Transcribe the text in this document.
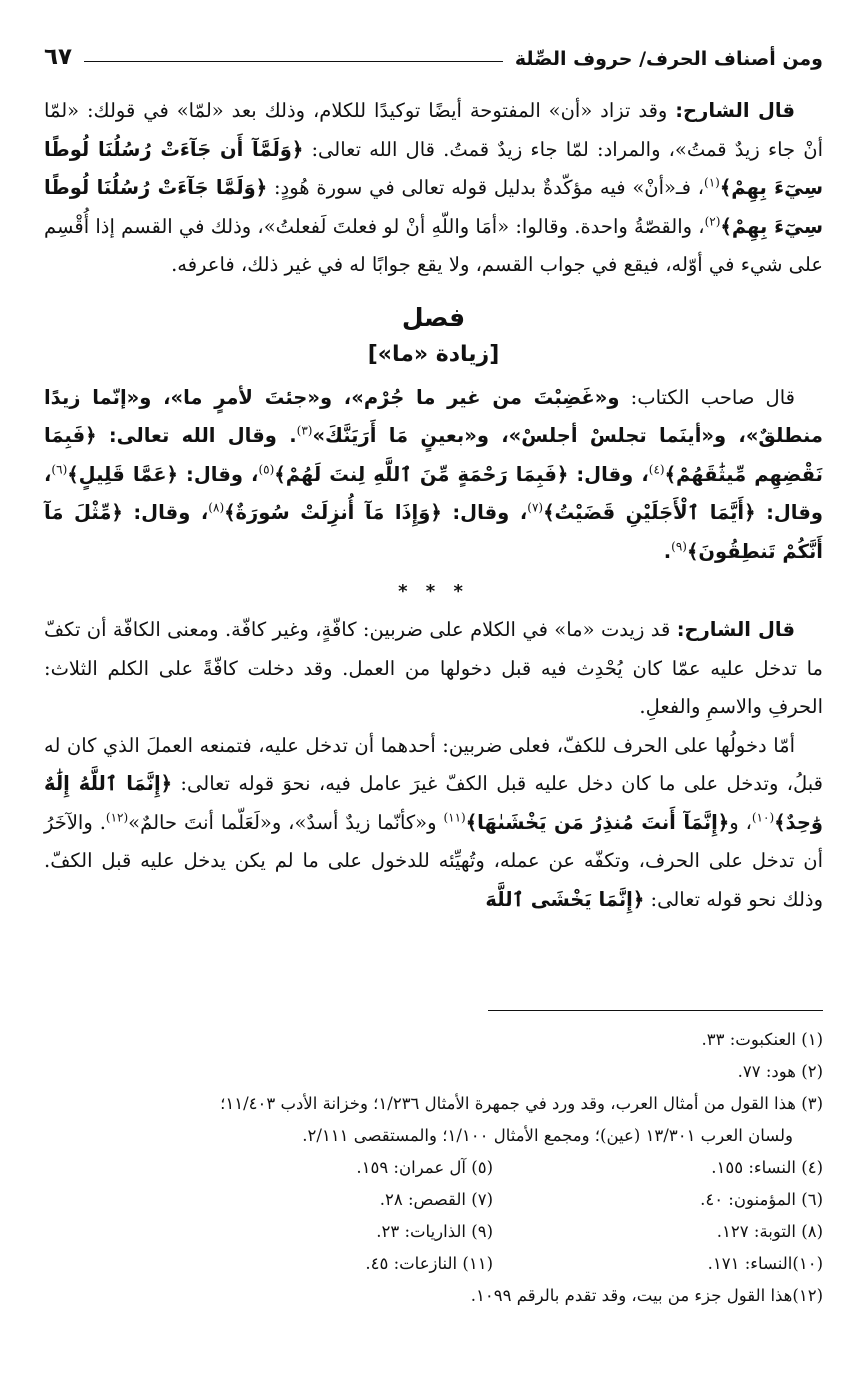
ومن أصناف الحرف/ حروف الصِّلة
٦٧

قال الشارح: وقد تزاد «أن» المفتوحة أيضًا توكيدًا للكلام، وذلك بعد «لمّا» في قولك: «لمّا أنْ جاء زيدٌ قمتُ»، والمراد: لمّا جاء زيدٌ قمتُ. قال الله تعالى: ﴿وَلَمَّآ أَن جَآءَتْ رُسُلُنَا لُوطًا سِيٓءَ بِهِمْ﴾$^{(١)}$، فـ«أنْ» فيه مؤكّدةٌ بدليل قوله تعالى في سورة هُودٍ: ﴿وَلَمَّا جَآءَتْ رُسُلُنَا لُوطًا سِيٓءَ بِهِمْ﴾$^{(٢)}$، والقصّةُ واحدة. وقالوا: «أمَا واللّهِ أنْ لو فعلتَ لَفعلتُ»، وذلك في القسم إذا أُقْسِم على شيء في أوّله، فيقع في جواب القسم، ولا يقع جوابًا له في غير ذلك، فاعرفه.

فصل
[زيادة «ما»]

قال صاحب الكتاب: و«غَضِبْتَ من غير ما جُرْم»، و«جئتَ لأمرٍ ما»، و«إنّما زيدًا منطلقٌ»، و«أينَما تجلسْ أجلسْ»، و«بعينٍ مَا أَرَيَنَّكَ»$^{(٣)}$. وقال الله تعالى: ﴿فَبِمَا نَقْضِهِم مِّيثَٰقَهُمْ﴾$^{(٤)}$، وقال: ﴿فَبِمَا رَحْمَةٍ مِّنَ ٱللَّهِ لِنتَ لَهُمْ﴾$^{(٥)}$، وقال: ﴿عَمَّا قَلِيلٍ﴾$^{(٦)}$، وقال: ﴿أَيَّمَا ٱلْأَجَلَيْنِ قَضَيْتُ﴾$^{(٧)}$، وقال: ﴿وَإِذَا مَآ أُنزِلَتْ سُورَةٌ﴾$^{(٨)}$، وقال: ﴿مِّثْلَ مَآ أَنَّكُمْ تَنطِقُونَ﴾$^{(٩)}$.

* * *

قال الشارح: قد زيدت «ما» في الكلام على ضربين: كافّةٍ، وغير كافّة. ومعنى الكافّة أن تكفّ ما تدخل عليه عمّا كان يُحْدِث فيه قبل دخولها من العمل. وقد دخلت كافّةً على الكلم الثلاث: الحرفِ والاسمِ والفعلِ.

أمّا دخولُها على الحرف للكفّ، فعلى ضربين: أحدهما أن تدخل عليه، فتمنعه العملَ الذي كان له قبلُ، وتدخل على ما كان دخل عليه قبل الكفّ غيرَ عامل فيه، نحوَ قوله تعالى: ﴿إِنَّمَا ٱللَّهُ إِلَٰهٌ وَٰحِدٌ﴾$^{(١٠)}$، و﴿إِنَّمَآ أَنتَ مُنذِرُ مَن يَخْشَىٰهَا﴾$^{(١١)}$ و«كأنّما زيدٌ أسدٌ»، و«لَعَلّما أنتَ حالمٌ»$^{(١٢)}$. والآخَرُ أن تدخل على الحرف، وتكفّه عن عمله، وتُهيِّئه للدخول على ما لم يكن يدخل عليه قبل الكفّ. وذلك نحو قوله تعالى: ﴿إِنَّمَا يَخْشَى ٱللَّهَ

(١) العنكبوت: ٣٣.
(٢) هود: ٧٧.
(٣) هذا القول من أمثال العرب، وقد ورد في جمهرة الأمثال ١/٢٣٦؛ وخزانة الأدب ١١/٤٠٣؛
ولسان العرب ١٣/٣٠١ (عين)؛ ومجمع الأمثال ١/١٠٠؛ والمستقصى ٢/١١١.
(٤) النساء: ١٥٥.
(٥) آل عمران: ١٥٩.
(٦) المؤمنون: ٤٠.
(٧) القصص: ٢٨.
(٨) التوبة: ١٢٧.
(٩) الذاريات: ٢٣.
(١٠)النساء: ١٧١.
(١١) النازعات: ٤٥.
(١٢)هذا القول جزء من بيت، وقد تقدم بالرقم ١٠٩٩.
